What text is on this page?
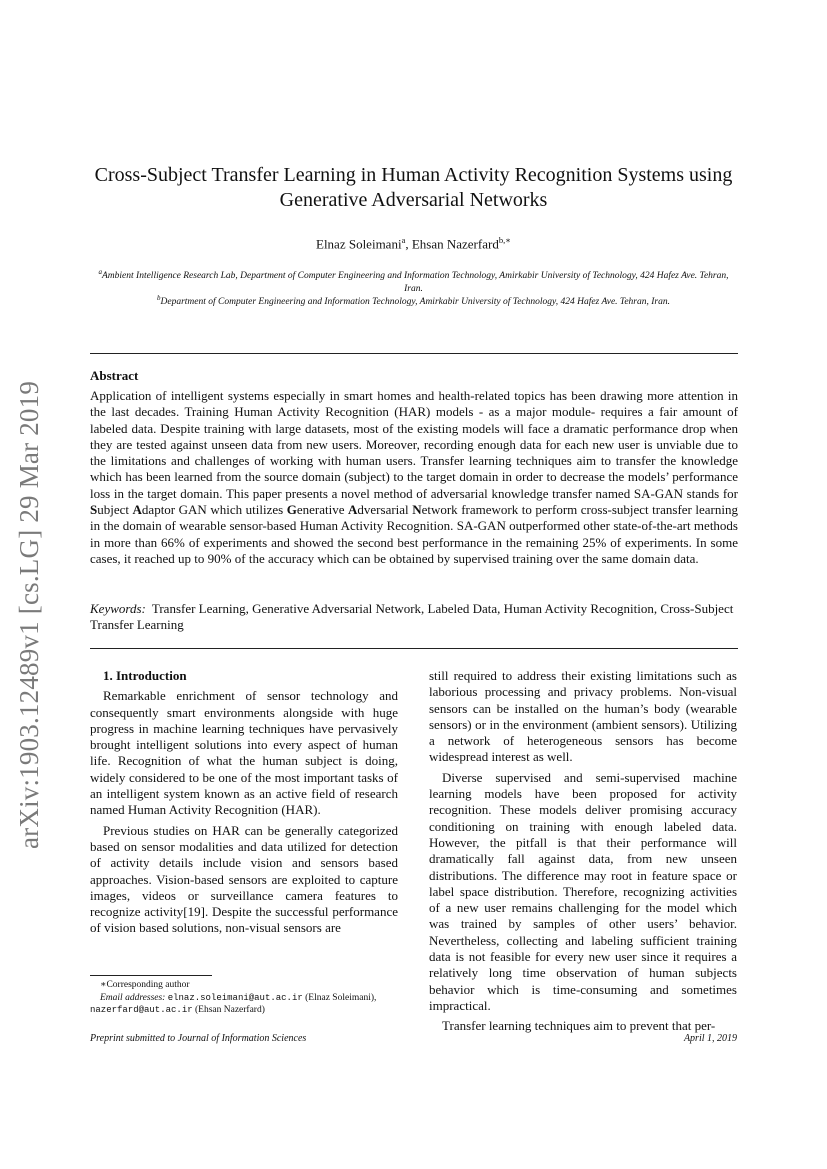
arXiv:1903.12489v1 [cs.LG] 29 Mar 2019
Cross-Subject Transfer Learning in Human Activity Recognition Systems using Generative Adversarial Networks
Elnaz Soleimani$^a$, Ehsan Nazerfard$^{b,∗}$
$^a$Ambient Intelligence Research Lab, Department of Computer Engineering and Information Technology, Amirkabir University of Technology, 424 Hafez Ave. Tehran, Iran.
$^b$Department of Computer Engineering and Information Technology, Amirkabir University of Technology, 424 Hafez Ave. Tehran, Iran.
Abstract
Application of intelligent systems especially in smart homes and health-related topics has been drawing more attention in the last decades. Training Human Activity Recognition (HAR) models - as a major module- requires a fair amount of labeled data. Despite training with large datasets, most of the existing models will face a dramatic performance drop when they are tested against unseen data from new users. Moreover, recording enough data for each new user is unviable due to the limitations and challenges of working with human users. Transfer learning techniques aim to transfer the knowledge which has been learned from the source domain (subject) to the target domain in order to decrease the models’ performance loss in the target domain. This paper presents a novel method of adversarial knowledge transfer named SA-GAN stands for Subject Adaptor GAN which utilizes Generative Adversarial Network framework to perform cross-subject transfer learning in the domain of wearable sensor-based Human Activity Recognition. SA-GAN outperformed other state-of-the-art methods in more than 66% of experiments and showed the second best performance in the remaining 25% of experiments. In some cases, it reached up to 90% of the accuracy which can be obtained by supervised training over the same domain data.
Keywords: Transfer Learning, Generative Adversarial Network, Labeled Data, Human Activity Recognition, Cross-Subject Transfer Learning

1. Introduction

Remarkable enrichment of sensor technology and consequently smart environments alongside with huge progress in machine learning techniques have pervasively brought intelligent solutions into every aspect of human life. Recognition of what the human subject is doing, widely considered to be one of the most important tasks of an intelligent system known as an active field of research named Human Activity Recognition (HAR).

Previous studies on HAR can be generally categorized based on sensor modalities and data utilized for detection of activity details include vision and sensors based approaches. Vision-based sensors are exploited to capture images, videos or surveillance camera features to recognize activity[19]. Despite the successful performance of vision based solutions, non-visual sensors are

still required to address their existing limitations such as laborious processing and privacy problems. Non-visual sensors can be installed on the human’s body (wearable sensors) or in the environment (ambient sensors). Utilizing a network of heterogeneous sensors has become widespread interest as well.

Diverse supervised and semi-supervised machine learning models have been proposed for activity recognition. These models deliver promising accuracy conditioning on training with enough labeled data. However, the pitfall is that their performance will dramatically fall against data, from new unseen distributions. The difference may root in feature space or label space distribution. Therefore, recognizing activities of a new user remains challenging for the model which was trained by samples of other users’ behavior. Nevertheless, collecting and labeling sufficient training data is not feasible for every new user since it requires a relatively long time observation of human subjects behavior which is time-consuming and sometimes impractical.

Transfer learning techniques aim to prevent that per-

∗Corresponding author
Email addresses: elnaz.soleimani@aut.ac.ir (Elnaz Soleimani), nazerfard@aut.ac.ir (Ehsan Nazerfard)
Preprint submitted to Journal of Information Sciences	April 1, 2019
